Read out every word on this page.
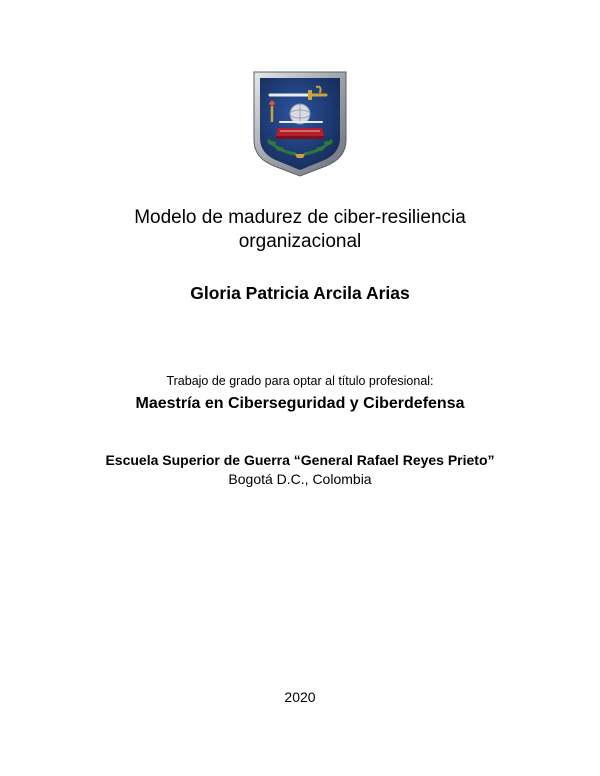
Modelo de madurez de ciber-resiliencia
organizacional
Gloria Patricia Arcila Arias
Trabajo de grado para optar al título profesional:
Maestría en Ciberseguridad y Ciberdefensa
Escuela Superior de Guerra “General Rafael Reyes Prieto”
Bogotá D.C., Colombia
2020
